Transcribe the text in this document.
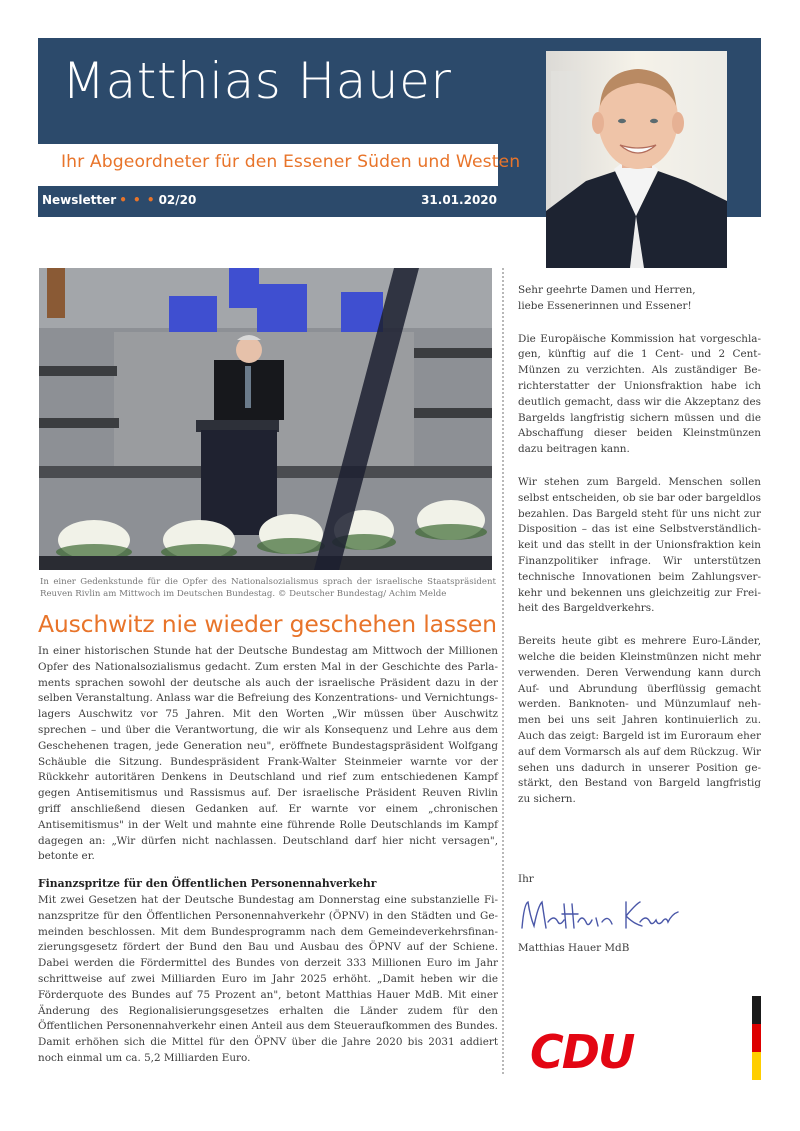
Matthias Hauer
Ihr Abgeordneter für den Essener Süden und Westen
Newsletter • • • 02/20	31.01.2020
In einer Gedenkstunde für die Opfer des Nationalsozialismus sprach der israelische Staatspräsident Reuven Rivlin am Mittwoch im Deutschen Bundestag. © Deutscher Bundestag/ Achim Melde
Auschwitz nie wieder geschehen lassen
In einer historischen Stunde hat der Deutsche Bundestag am Mittwoch der Millionen Opfer des Nationalsozialismus gedacht. Zum ersten Mal in der Geschichte des Parlaments sprachen sowohl der deutsche als auch der israelische Präsident dazu in der selben Veranstaltung. Anlass war die Befreiung des Konzentrations- und Vernichtungslagers Auschwitz vor 75 Jahren. Mit den Worten „Wir müssen über Auschwitz sprechen – und über die Verantwortung, die wir als Konsequenz und Lehre aus dem Geschehenen tragen, jede Generation neu", eröffnete Bundestagspräsident Wolfgang Schäuble die Sitzung. Bundespräsident Frank-Walter Steinmeier warnte vor der Rückkehr autoritären Denkens in Deutschland und rief zum entschiedenen Kampf gegen Antisemitismus und Rassismus auf. Der israelische Präsident Reuven Rivlin griff anschließend diesen Gedanken auf. Er warnte vor einem „chronischen Antisemitismus" in der Welt und mahnte eine führende Rolle Deutschlands im Kampf dagegen an: „Wir dürfen nicht nachlassen. Deutschland darf hier nicht versagen", betonte er.
Finanzspritze für den Öffentlichen Personennahverkehr
Mit zwei Gesetzen hat der Deutsche Bundestag am Donnerstag eine substanzielle Finanzspritze für den Öffentlichen Personennahverkehr (ÖPNV) in den Städten und Gemeinden beschlossen. Mit dem Bundesprogramm nach dem Gemeindeverkehrsfinanzierungsgesetz fördert der Bund den Bau und Ausbau des ÖPNV auf der Schiene. Dabei werden die Fördermittel des Bundes von derzeit 333 Millionen Euro im Jahr schrittweise auf zwei Milliarden Euro im Jahr 2025 erhöht. „Damit heben wir die Förderquote des Bundes auf 75 Prozent an", betont Matthias Hauer MdB. Mit einer Änderung des Regionalisierungsgesetzes erhalten die Länder zudem für den Öffentlichen Personennahverkehr einen Anteil aus dem Steueraufkommen des Bundes. Damit erhöhen sich die Mittel für den ÖPNV über die Jahre 2020 bis 2031 addiert noch einmal um ca. 5,2 Milliarden Euro.

Sehr geehrte Damen und Herren,
liebe Essenerinnen und Essener!

Die Europäische Kommission hat vorgeschlagen, künftig auf die 1 Cent- und 2 Cent-Münzen zu verzichten. Als zuständiger Berichterstatter der Unionsfraktion habe ich deutlich gemacht, dass wir die Akzeptanz des Bargelds langfristig sichern müssen und die Abschaffung dieser beiden Kleinstmünzen dazu beitragen kann.

Wir stehen zum Bargeld. Menschen sollen selbst entscheiden, ob sie bar oder bargeldlos bezahlen. Das Bargeld steht für uns nicht zur Disposition – das ist eine Selbstverständlichkeit und das stellt in der Unionsfraktion kein Finanzpolitiker infrage. Wir unterstützen technische Innovationen beim Zahlungsverkehr und bekennen uns gleichzeitig zur Freiheit des Bargeldverkehrs.

Bereits heute gibt es mehrere Euro-Länder, welche die beiden Kleinstmünzen nicht mehr verwenden. Deren Verwendung kann durch Auf- und Abrundung überflüssig gemacht werden. Banknoten- und Münzumlauf nehmen bei uns seit Jahren kontinuierlich zu. Auch das zeigt: Bargeld ist im Euroraum eher auf dem Vormarsch als auf dem Rückzug. Wir sehen uns dadurch in unserer Position gestärkt, den Bestand von Bargeld langfristig zu sichern.

Ihr
Matthias Hauer MdB
CDU
